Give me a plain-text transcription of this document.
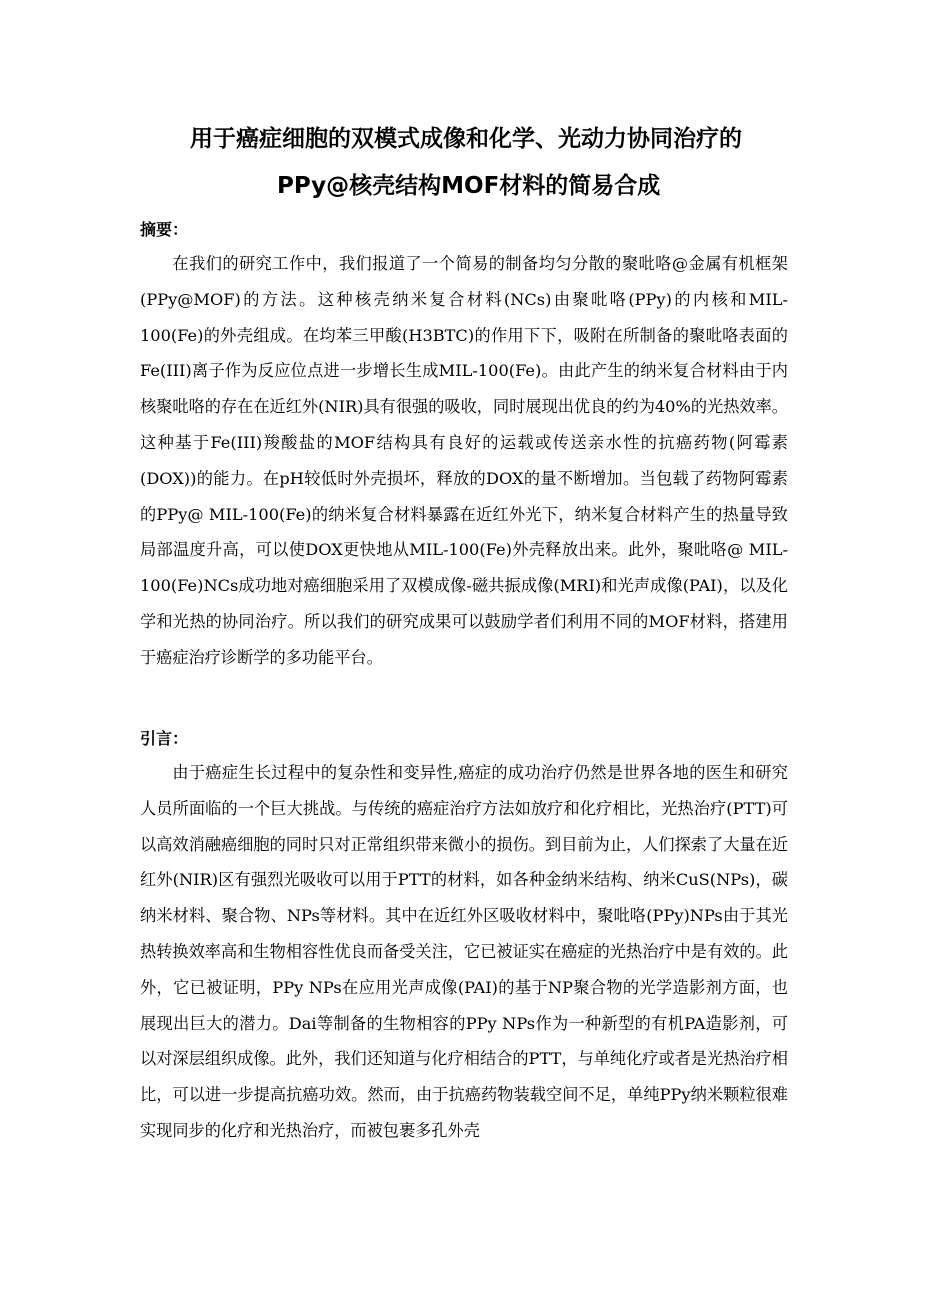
用于癌症细胞的双模式成像和化学、光动力协同治疗的
PPy@核壳结构MOF材料的简易合成
摘要：

在我们的研究工作中，我们报道了一个简易的制备均匀分散的聚吡咯@金属有机框架(PPy@MOF)的方法。这种核壳纳米复合材料(NCs)由聚吡咯(PPy)的内核和MIL-100(Fe)的外壳组成。在均苯三甲酸(H3BTC)的作用下下，吸附在所制备的聚吡咯表面的Fe(III)离子作为反应位点进一步增长生成MIL-100(Fe)。由此产生的纳米复合材料由于内核聚吡咯的存在在近红外(NIR)具有很强的吸收，同时展现出优良的约为40%的光热效率。这种基于Fe(III)羧酸盐的MOF结构具有良好的运载或传送亲水性的抗癌药物(阿霉素(DOX))的能力。在pH较低时外壳损坏，释放的DOX的量不断增加。当包载了药物阿霉素的PPy@ MIL-100(Fe)的纳米复合材料暴露在近红外光下，纳米复合材料产生的热量导致局部温度升高，可以使DOX更快地从MIL-100(Fe)外壳释放出来。此外，聚吡咯@ MIL-100(Fe)NCs成功地对癌细胞采用了双模成像-磁共振成像(MRI)和光声成像(PAI)，以及化学和光热的协同治疗。所以我们的研究成果可以鼓励学者们利用不同的MOF材料，搭建用于癌症治疗诊断学的多功能平台。

引言：

由于癌症生长过程中的复杂性和变异性,癌症的成功治疗仍然是世界各地的医生和研究人员所面临的一个巨大挑战。与传统的癌症治疗方法如放疗和化疗相比，光热治疗(PTT)可以高效消融癌细胞的同时只对正常组织带来微小的损伤。到目前为止，人们探索了大量在近红外(NIR)区有强烈光吸收可以用于PTT的材料，如各种金纳米结构、纳米CuS(NPs)，碳纳米材料、聚合物、NPs等材料。其中在近红外区吸收材料中，聚吡咯(PPy)NPs由于其光热转换效率高和生物相容性优良而备受关注，它已被证实在癌症的光热治疗中是有效的。此外，它已被证明，PPy NPs在应用光声成像(PAI)的基于NP聚合物的光学造影剂方面，也展现出巨大的潜力。Dai等制备的生物相容的PPy NPs作为一种新型的有机PA造影剂，可以对深层组织成像。此外，我们还知道与化疗相结合的PTT，与单纯化疗或者是光热治疗相比，可以进一步提高抗癌功效。然而，由于抗癌药物装载空间不足，单纯PPy纳米颗粒很难实现同步的化疗和光热治疗，而被包裹多孔外壳
